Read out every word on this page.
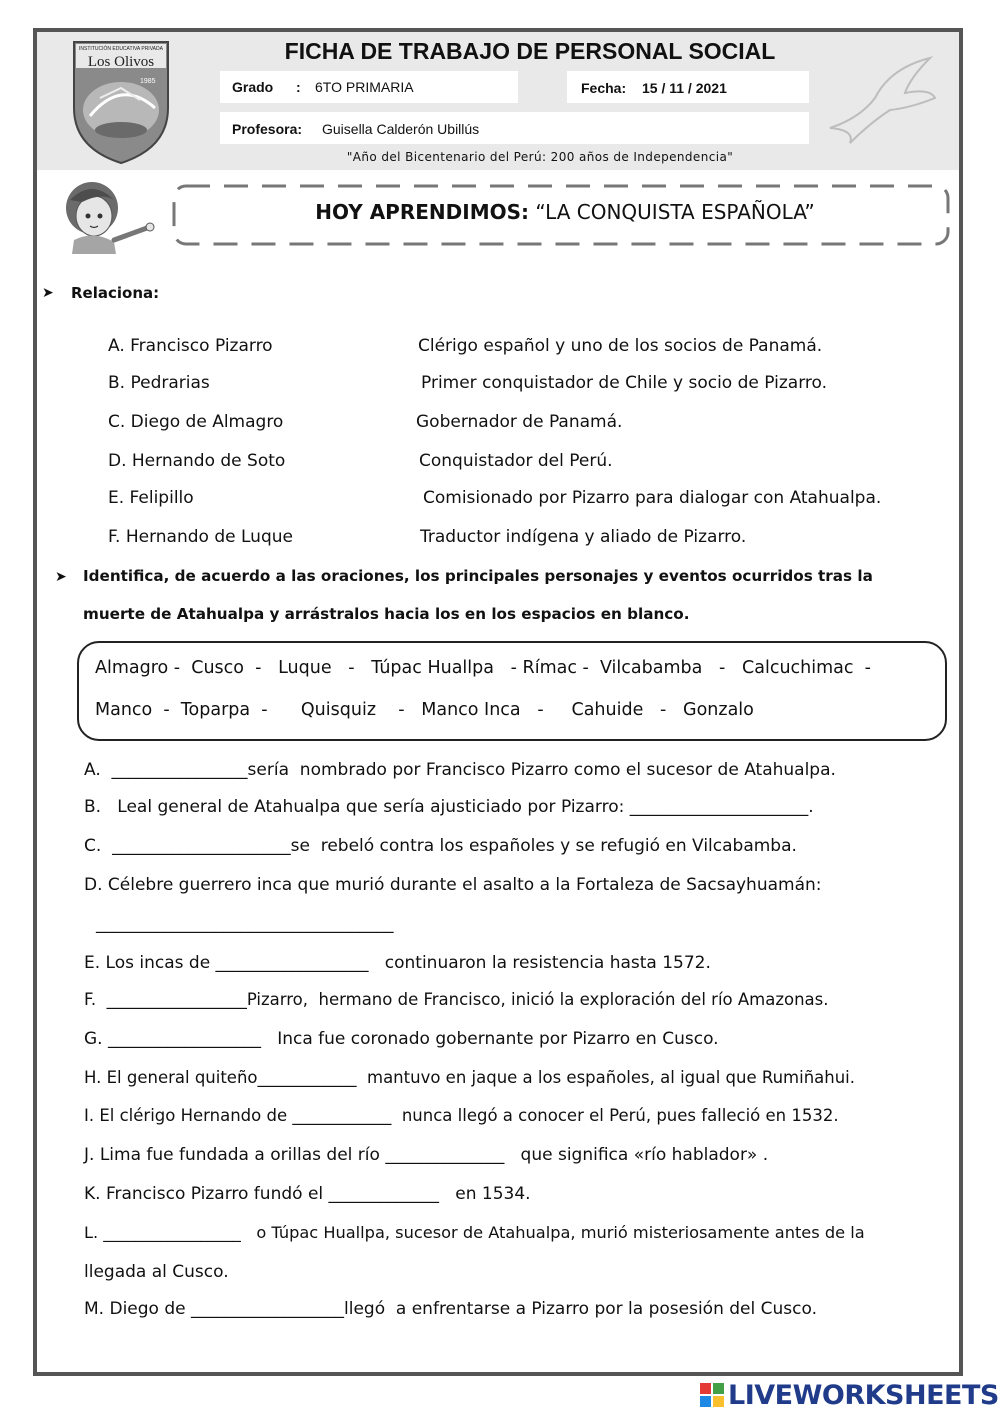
INSTITUCIÓN EDUCATIVA PRIVADA
Los Olivos
1985
FICHA DE TRABAJO DE PERSONAL SOCIAL
Grado : 6TO PRIMARIA	Fecha: 15 / 11 / 2021
Profesora: Guisella Calderón Ubillús
"Año del Bicentenario del Perú: 200 años de Independencia"
HOY APRENDIMOS: “LA CONQUISTA ESPAÑOLA”
➤ Relaciona:
A. Francisco Pizarro
B. Pedrarias
C. Diego de Almagro
D. Hernando de Soto
E. Felipillo
F. Hernando de Luque
Clérigo español y uno de los socios de Panamá.
Primer conquistador de Chile y socio de Pizarro.
Gobernador de Panamá.
Conquistador del Perú.
Comisionado por Pizarro para dialogar con Atahualpa.
Traductor indígena y aliado de Pizarro.
➤ Identifica, de acuerdo a las oraciones, los principales personajes y eventos ocurridos tras la
muerte de Atahualpa y arrástralos hacia los en los espacios en blanco.
Almagro -  Cusco  -   Luque   -   Túpac Huallpa   - Rímac -  Vilcabamba   -   Calcuchimac  -
Manco  -  Toparpa  -      Quisquiz    -   Manco Inca   -     Cahuide   -   Gonzalo
A.  ________________sería  nombrado por Francisco Pizarro como el sucesor de Atahualpa.
B.   Leal general de Atahualpa que sería ajusticiado por Pizarro: _____________________.
C.  _____________________se  rebeló contra los españoles y se refugió en Vilcabamba.
D. Célebre guerrero inca que murió durante el asalto a la Fortaleza de Sacsayhuamán:
___________________________________
E. Los incas de __________________   continuaron la resistencia hasta 1572.
F.  _________________Pizarro,  hermano de Francisco, inició la exploración del río Amazonas.
G. __________________   Inca fue coronado gobernante por Pizarro en Cusco.
H. El general quiteño____________  mantuvo en jaque a los españoles, al igual que Rumiñahui.
I. El clérigo Hernando de ____________  nunca llegó a conocer el Perú, pues falleció en 1532.
J. Lima fue fundada a orillas del río ______________   que significa «río hablador» .
K. Francisco Pizarro fundó el _____________   en 1534.
L. _________________   o Túpac Huallpa, sucesor de Atahualpa, murió misteriosamente antes de la
llegada al Cusco.
M. Diego de __________________llegó  a enfrentarse a Pizarro por la posesión del Cusco.
LIVEWORKSHEETS
